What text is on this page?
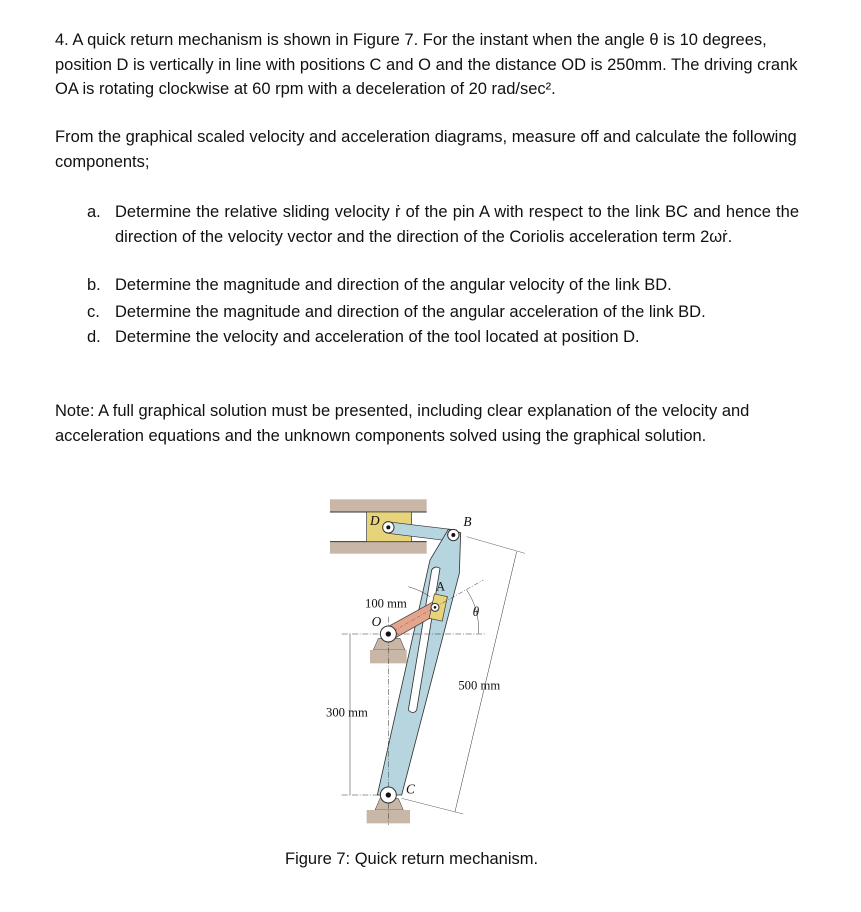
4. A quick return mechanism is shown in Figure 7. For the instant when the angle θ is 10 degrees, position D is vertically in line with positions C and O and the distance OD is 250mm. The driving crank OA is rotating clockwise at 60 rpm with a deceleration of 20 rad/sec².

From the graphical scaled velocity and acceleration diagrams, measure off and calculate the following components;

a. Determine the relative sliding velocity ṙ of the pin A with respect to the link BC and hence the direction of the velocity vector and the direction of the Coriolis acceleration term 2ωṙ.
b. Determine the magnitude and direction of the angular velocity of the link BD.
c. Determine the magnitude and direction of the angular acceleration of the link BD.
d. Determine the velocity and acceleration of the tool located at position D.

Note: A full graphical solution must be presented, including clear explanation of the velocity and acceleration equations and the unknown components solved using the graphical solution.

D B
O
C
θ
A
100 mm
300 mm
500 mm
Figure 7: Quick return mechanism.
